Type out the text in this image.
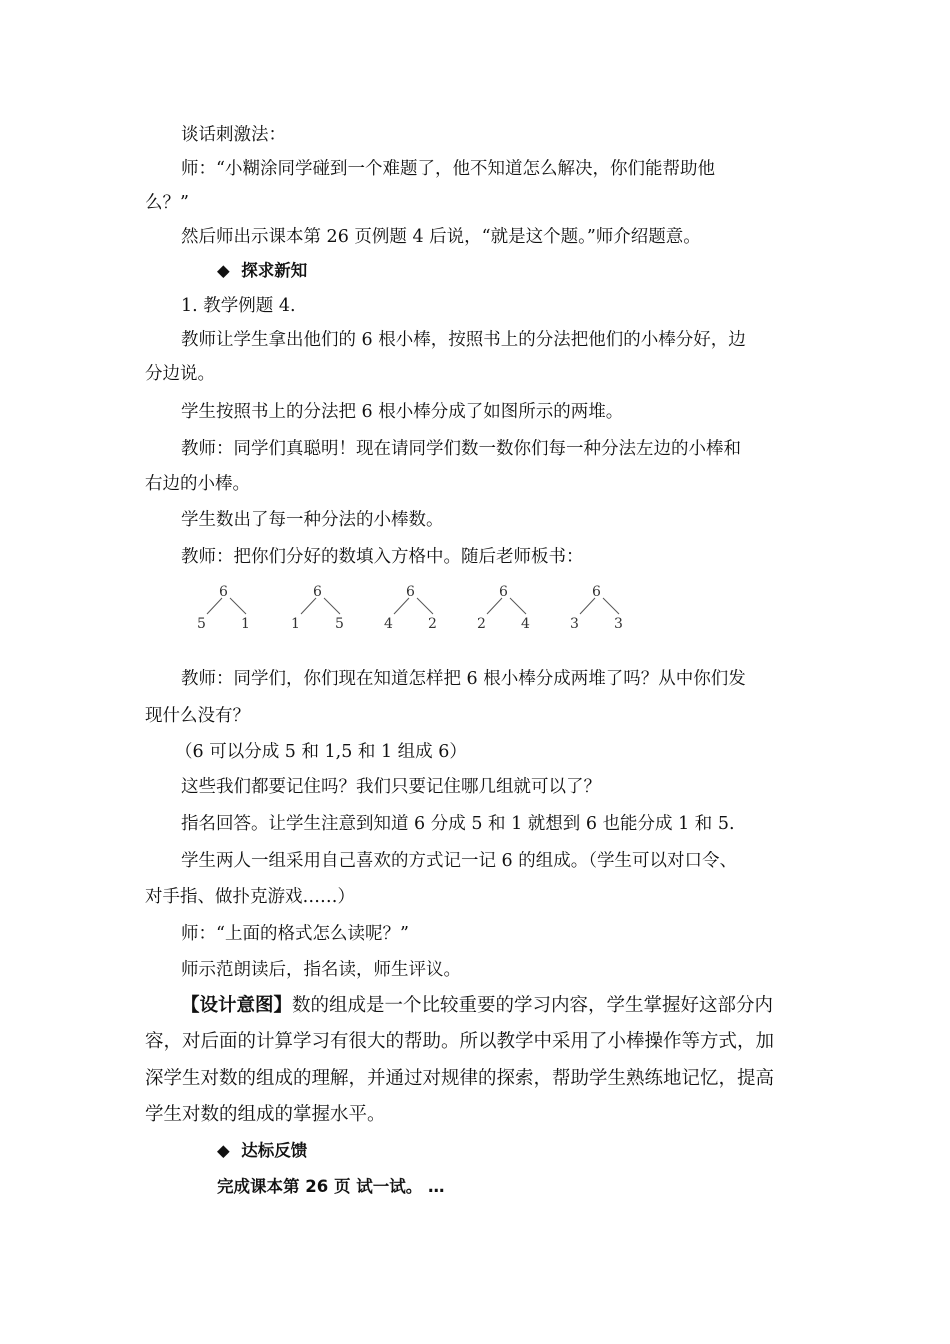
谈话刺激法：
师：“小糊涂同学碰到一个难题了，他不知道怎么解决，你们能帮助他
么？”
然后师出示课本第 26 页例题 4 后说，“就是这个题。”师介绍题意。
◆ 探求新知
1. 教学例题 4.
教师让学生拿出他们的 6 根小棒，按照书上的分法把他们的小棒分好，边
分边说。
学生按照书上的分法把 6 根小棒分成了如图所示的两堆。
教师：同学们真聪明！现在请同学们数一数你们每一种分法左边的小棒和
右边的小棒。
学生数出了每一种分法的小棒数。
教师：把你们分好的数填入方格中。随后老师板书：
6
5	1
6
1	5
6
4	2
6
2	4
6
3	3
教师：同学们，你们现在知道怎样把 6 根小棒分成两堆了吗？从中你们发
现什么没有？
（6 可以分成 5 和 1,5 和 1 组成 6）
这些我们都要记住吗？我们只要记住哪几组就可以了？
指名回答。让学生注意到知道 6 分成 5 和 1 就想到 6 也能分成 1 和 5.
学生两人一组采用自己喜欢的方式记一记 6 的组成。（学生可以对口令、
对手指、做扑克游戏……）
师：“上面的格式怎么读呢？”
师示范朗读后，指名读，师生评议。
【设计意图】数的组成是一个比较重要的学习内容，学生掌握好这部分内
容，对后面的计算学习有很大的帮助。所以教学中采用了小棒操作等方式，加
深学生对数的组成的理解，并通过对规律的探索，帮助学生熟练地记忆，提高
学生对数的组成的掌握水平。
◆ 达标反馈
完成课本第 26 页 试一试。 …
